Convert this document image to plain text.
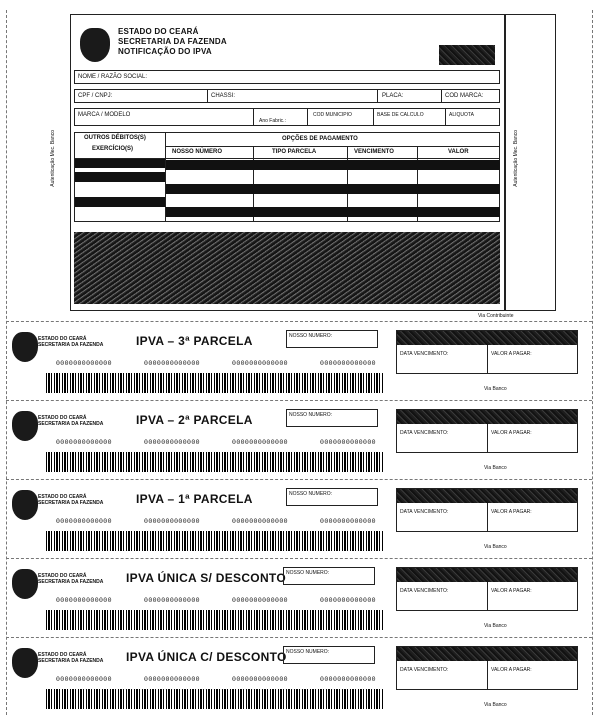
ESTADO DO CEARÁ
SECRETARIA DA FAZENDA
NOTIFICAÇÃO DO IPVA
NOME / RAZÃO SOCIAL:
CPF / CNPJ:	CHASSI:	PLACA:	COD MARCA:
MARCA / MODELO
Ano Fabric.:
COD MUNICIPIO	BASE DE CALCULO	ALIQUOTA
OUTROS DÉBITOS(S)
EXERCÍCIO(S)
OPÇÕES DE PAGAMENTO
NOSSO NÚMERO	TIPO PARCELA	VENCIMENTO	VALOR
Autenticação Mec. Banco	Autenticação Mec. Banco
Via Contribuinte
ESTADO DO CEARÁ
SECRETARIA DA FAZENDA	IPVA – 3ª PARCELA	NOSSO NUMERO:
0000000000000	0000000000000	0000000000000	0000000000000
DATA VENCIMENTO:	VALOR A PAGAR:
Via Banco
ESTADO DO CEARÁ
SECRETARIA DA FAZENDA	IPVA – 2ª PARCELA	NOSSO NUMERO:
0000000000000	0000000000000	0000000000000	0000000000000
DATA VENCIMENTO:	VALOR A PAGAR:
Via Banco
ESTADO DO CEARÁ
SECRETARIA DA FAZENDA	IPVA – 1ª PARCELA	NOSSO NUMERO:
0000000000000	0000000000000	0000000000000	0000000000000
DATA VENCIMENTO:	VALOR A PAGAR:
Via Banco
ESTADO DO CEARÁ
SECRETARIA DA FAZENDA IPVA ÚNICA S/ DESCONTO NOSSO NUMERO:
0000000000000	0000000000000	0000000000000	0000000000000
DATA VENCIMENTO:	VALOR A PAGAR:
Via Banco
ESTADO DO CEARÁ
SECRETARIA DA FAZENDA IPVA ÚNICA C/ DESCONTO NOSSO NUMERO:
0000000000000	0000000000000	0000000000000	0000000000000
DATA VENCIMENTO:	VALOR A PAGAR:
Via Banco
